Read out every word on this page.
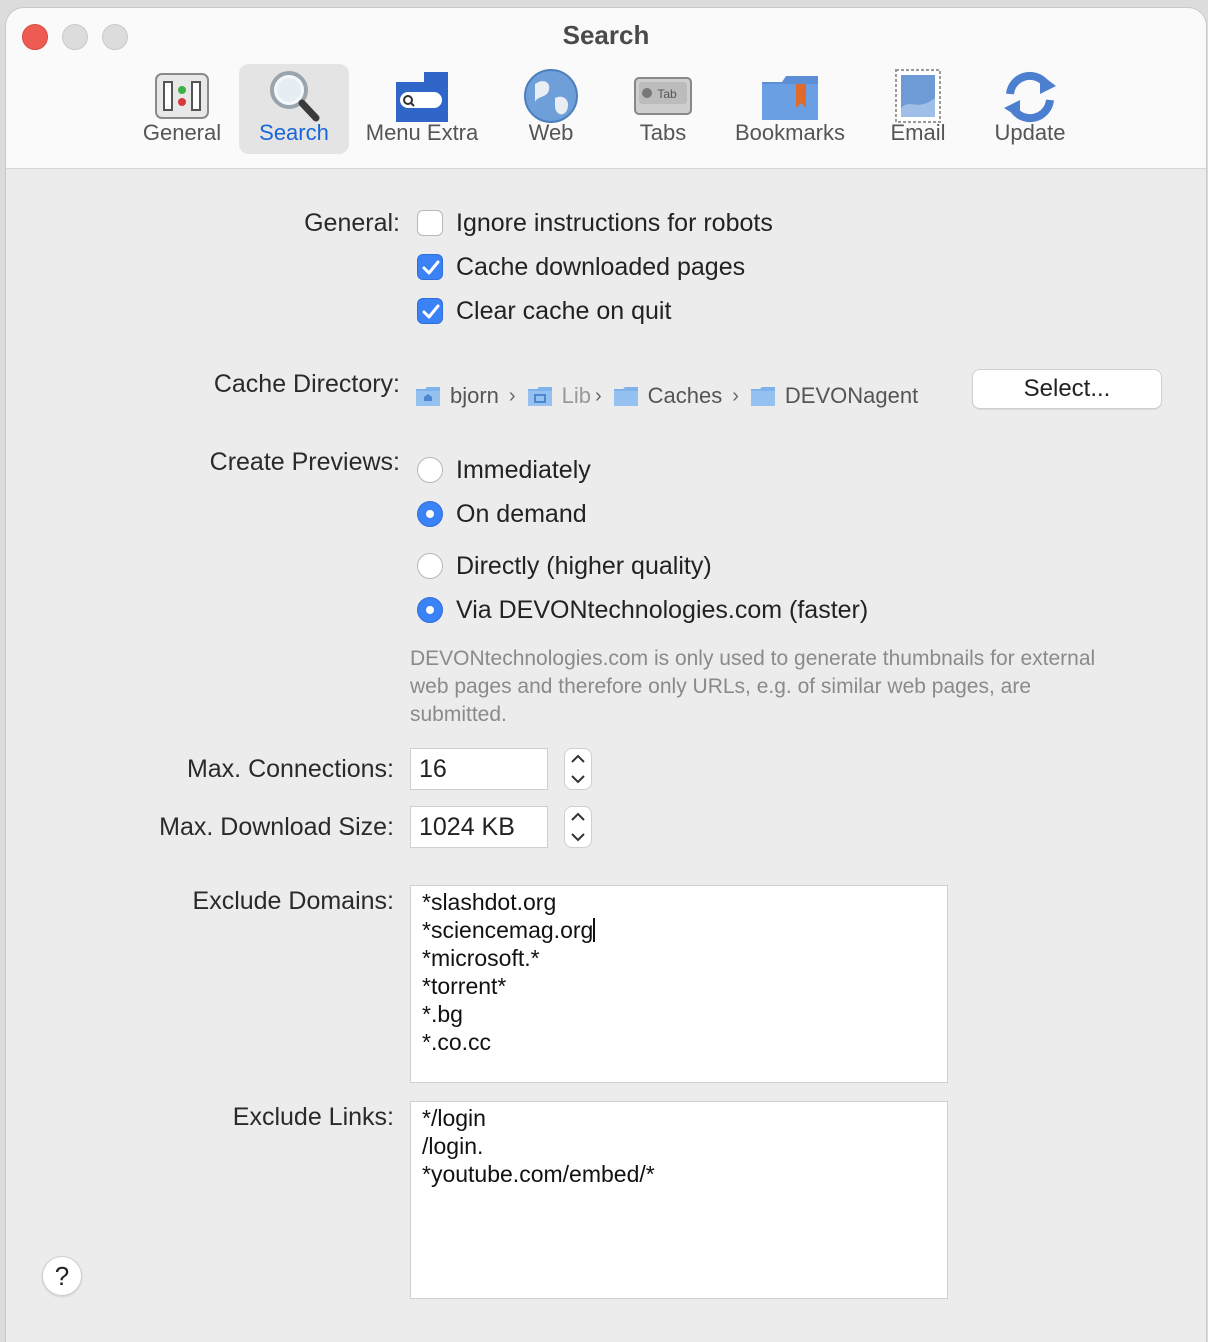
Search
General	Search	Menu Extra	Web
Tab
Tabs	Bookmarks	Email	Update
General: Ignore instructions for robots
Cache downloaded pages
Clear cache on quit
Cache Directory: bjorn › Lib › Caches › DEVONagent	Select...
Create Previews: Immediately
On demand
Directly (higher quality)
Via DEVONtechnologies.com (faster)
DEVONtechnologies.com is only used to generate thumbnails for external web pages and therefore only URLs, e.g. of similar web pages, are submitted.
Max. Connections:	16
Max. Download Size:	1024 KB
Exclude Domains: *slashdot.org
*sciencemag.org
*microsoft.*
*torrent*
*.bg
*.co.cc
Exclude Links: */login
/login.
*youtube.com/embed/*
?
